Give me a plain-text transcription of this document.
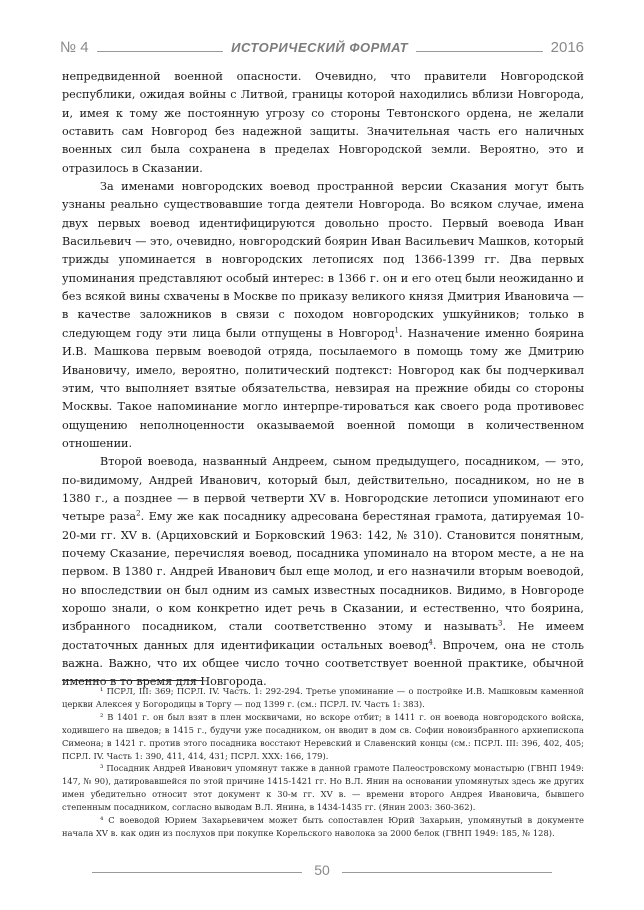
№ 4	ИСТОРИЧЕСКИЙ ФОРМАТ	2016

непредвиденной военной опасности. Очевидно, что правители Новгородской республики, ожидая войны с Литвой, границы которой находились вблизи Новгорода, и, имея к тому же постоянную угрозу со стороны Тевтонского ордена, не желали оставить сам Новгород без надежной защиты. Значительная часть его наличных военных сил была сохранена в пределах Новгородской земли. Вероятно, это и отразилось в Сказании.

За именами новгородских воевод пространной версии Сказания могут быть узнаны реально существовавшие тогда деятели Новгорода. Во всяком случае, имена двух первых воевод идентифицируются довольно просто. Первый воевода Иван Васильевич — это, очевидно, новгородский боярин Иван Васильевич Машков, который трижды упоминается в новгородских летописях под 1366-1399 гг. Два первых упоминания представляют особый интерес: в 1366 г. он и его отец были неожиданно и без всякой вины схвачены в Москве по приказу великого князя Дмитрия Ивановича — в качестве заложников в связи с походом новгородских ушкуйников; только в следующем году эти лица были отпущены в Новгород$^1$. Назначение именно боярина И.В. Машкова первым воеводой отряда, посылаемого в помощь тому же Дмитрию Ивановичу, имело, вероятно, политический подтекст: Новгород как бы подчеркивал этим, что выполняет взятые обязательства, невзирая на прежние обиды со стороны Москвы. Такое напоминание могло интерпре-тироваться как своего рода противовес ощущению неполноценности оказываемой военной помощи в количественном отношении.

Второй воевода, названный Андреем, сыном предыдущего, посадником, — это, по-видимому, Андрей Иванович, который был, действительно, посадником, но не в 1380 г., а позднее — в первой четверти XV в. Новгородские летописи упоминают его четыре раза$^2$. Ему же как посаднику адресована берестяная грамота, датируемая 10-20-ми гг. XV в. (Арциховский и Борковский 1963: 142, № 310). Становится понятным, почему Сказание, перечисляя воевод, посадника упоминало на втором месте, а не на первом. В 1380 г. Андрей Иванович был еще молод, и его назначили вторым воеводой, но впоследствии он был одним из самых известных посадников. Видимо, в Новгороде хорошо знали, о ком конкретно идет речь в Сказании, и естественно, что боярина, избранного посадником, стали соответственно этому и называть$^3$. Не имеем достаточных данных для идентификации остальных воевод$^4$. Впрочем, она не столь важна. Важно, что их общее число точно соответствует военной практике, обычной именно в то время для Новгорода.

¹ ПСРЛ, III: 369; ПСРЛ. IV. Часть. 1: 292-294. Третье упоминание — о постройке И.В. Машковым каменной церкви Алексея у Богородицы в Торгу — под 1399 г. (см.: ПСРЛ. IV. Часть 1: 383).

² В 1401 г. он был взят в плен москвичами, но вскоре отбит; в 1411 г. он воевода новгородского войска, ходившего на шведов; в 1415 г., будучи уже посадником, он вводит в дом св. Софии новоизбранного архиепископа Симеона; в 1421 г. против этого посадника восстают Неревский и Славенский концы (см.: ПСРЛ. III: 396, 402, 405; ПСРЛ. IV. Часть 1: 390, 411, 414, 431; ПСРЛ. XXX: 166, 179).

³ Посадник Андрей Иванович упомянут также в данной грамоте Палеостровскому монастырю (ГВНП 1949: 147, № 90), датировавшейся по этой причине 1415-1421 гг. Но В.Л. Янин на основании упомянутых здесь же других имен убедительно относит этот документ к 30-м гг. XV в. — времени второго Андрея Ивановича, бывшего степенным посадником, согласно выводам В.Л. Янина, в 1434-1435 гг. (Янин 2003: 360-362).

⁴ С воеводой Юрием Захарьевичем может быть сопоставлен Юрий Захарьин, упомянутый в документе начала XV в. как один из послухов при покупке Корельского наволока за 2000 белок (ГВНП 1949: 185, № 128).

50
